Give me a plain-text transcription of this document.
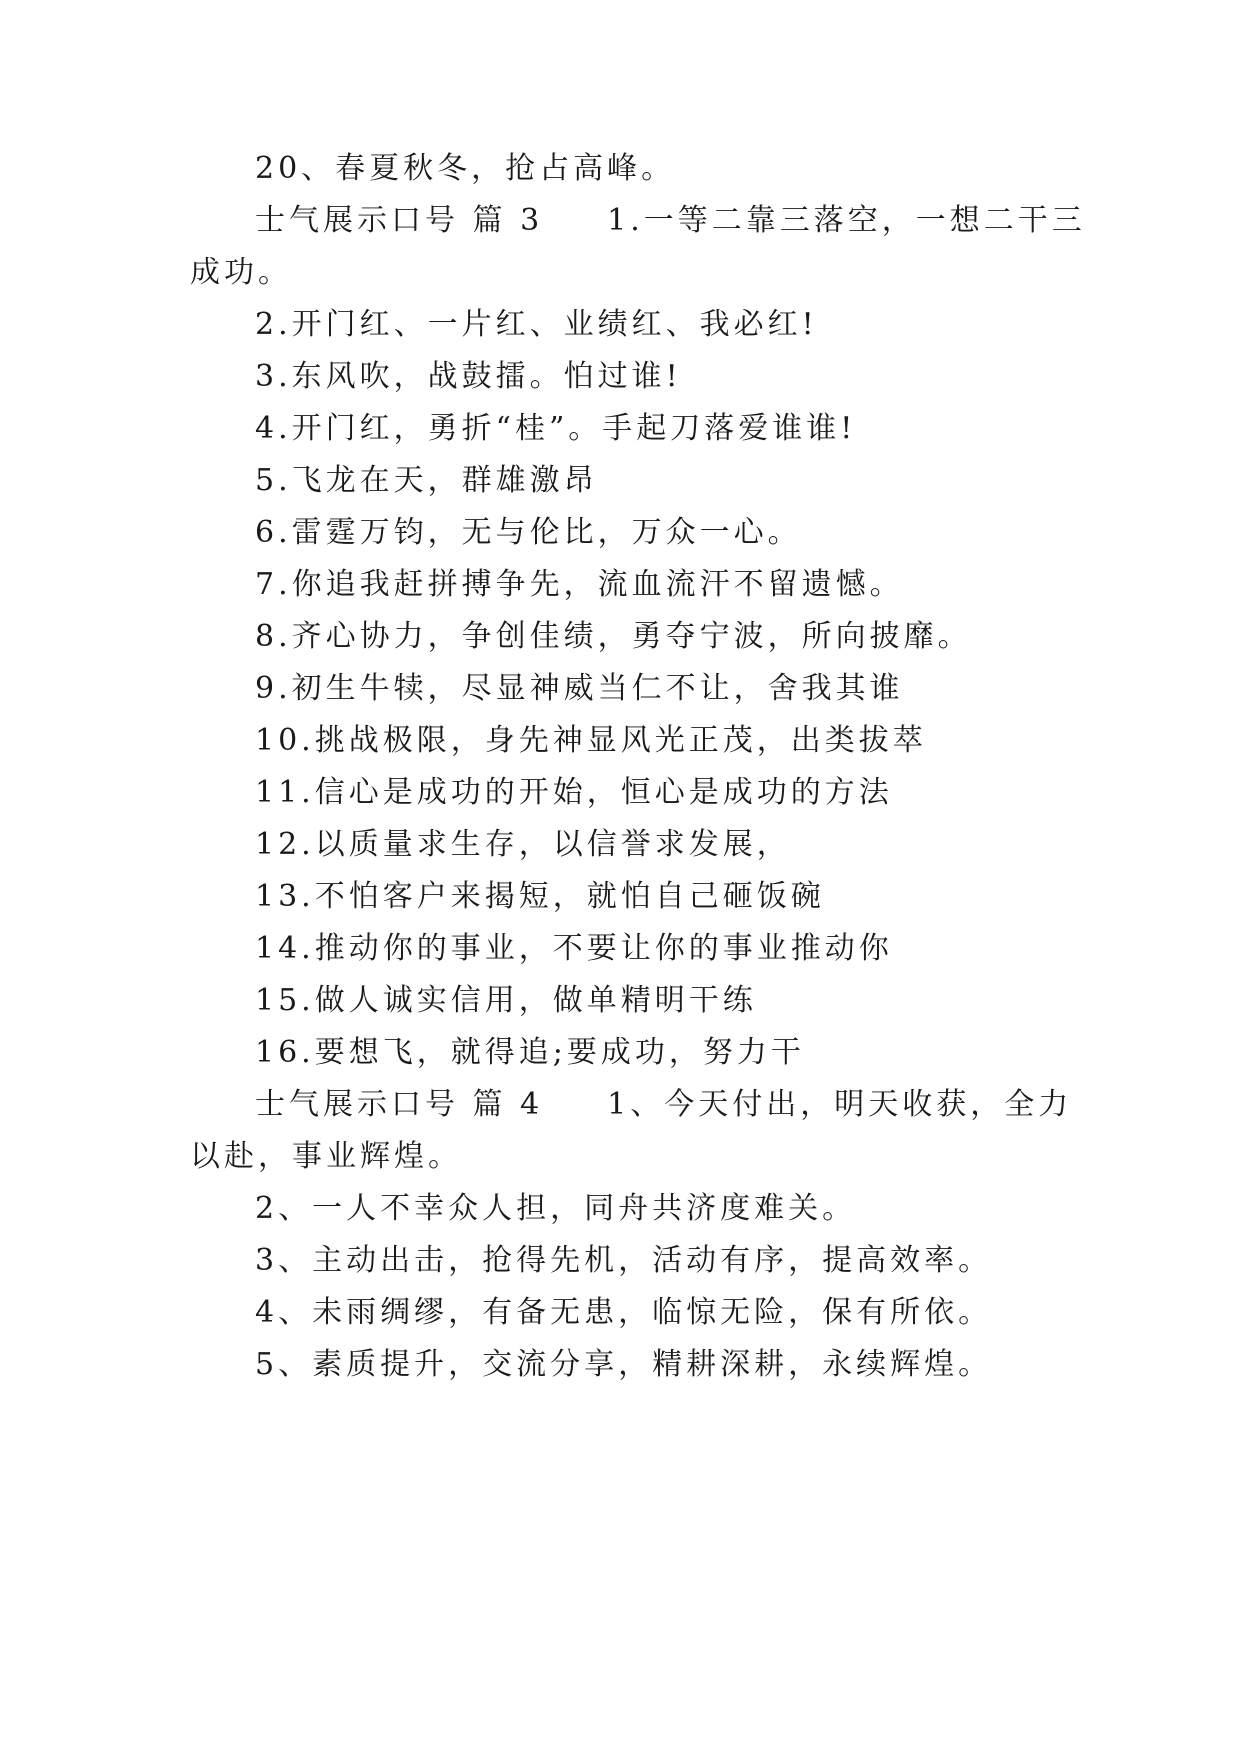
20、春夏秋冬，抢占高峰。
士气展示口号 篇 3 1.一等二靠三落空，一想二干三
成功。
2.开门红、一片红、业绩红、我必红!
3.东风吹，战鼓擂。怕过谁!
4.开门红，勇折“桂”。手起刀落爱谁谁!
5.飞龙在天，群雄激昂
6.雷霆万钧，无与伦比，万众一心。
7.你追我赶拼搏争先，流血流汗不留遗憾。
8.齐心协力，争创佳绩，勇夺宁波，所向披靡。
9.初生牛犊，尽显神威当仁不让，舍我其谁
10.挑战极限，身先神显风光正茂，出类拔萃
11.信心是成功的开始，恒心是成功的方法
12.以质量求生存，以信誉求发展，
13.不怕客户来揭短，就怕自己砸饭碗
14.推动你的事业，不要让你的事业推动你
15.做人诚实信用，做单精明干练
16.要想飞，就得追;要成功，努力干
士气展示口号 篇 4 1、今天付出，明天收获，全力
以赴，事业辉煌。
2、一人不幸众人担，同舟共济度难关。
3、主动出击，抢得先机，活动有序，提高效率。
4、未雨绸缪，有备无患，临惊无险，保有所依。
5、素质提升，交流分享，精耕深耕，永续辉煌。
